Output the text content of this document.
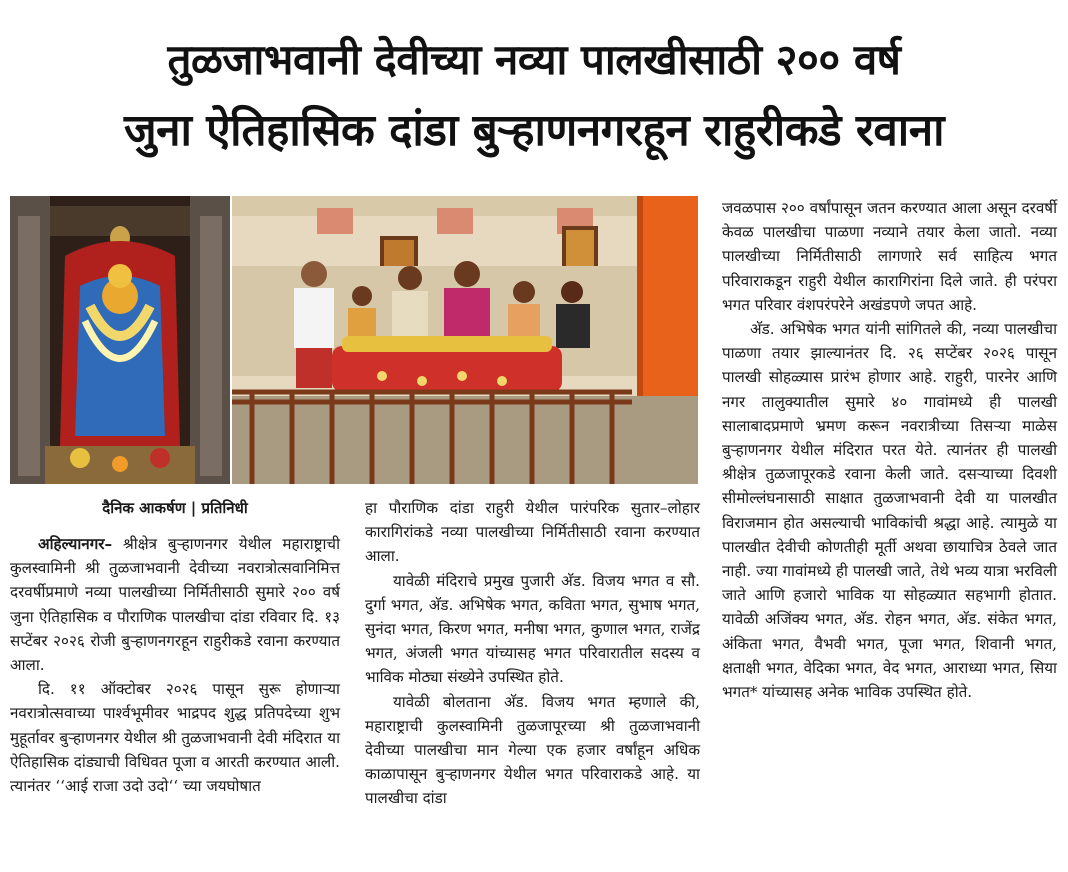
तुळजाभवानी देवीच्या नव्या पालखीसाठी २०० वर्ष
जुना ऐतिहासिक दांडा बुऱ्हाणनगरहून राहुरीकडे रवाना
दैनिक आकर्षण | प्रतिनिधी

अहिल्यानगर– श्रीक्षेत्र बुऱ्हाणनगर येथील महाराष्ट्राची कुलस्वामिनी श्री तुळजाभवानी देवीच्या नवरात्रोत्सवानिमित्त दरवर्षीप्रमाणे नव्या पालखीच्या निर्मितीसाठी सुमारे २०० वर्ष जुना ऐतिहासिक व पौराणिक पालखीचा दांडा रविवार दि. १३ सप्टेंबर २०२६ रोजी बुऱ्हाणनगरहून राहुरीकडे रवाना करण्यात आला.

दि. ११ ऑक्टोबर २०२६ पासून सुरू होणाऱ्या नवरात्रोत्सवाच्या पार्श्वभूमीवर भाद्रपद शुद्ध प्रतिपदेच्या शुभ मुहूर्तावर बुऱ्हाणनगर येथील श्री तुळजाभवानी देवी मंदिरात या ऐतिहासिक दांड्याची विधिवत पूजा व आरती करण्यात आली. त्यानंतर ‘‘आई राजा उदो उदो‘‘ च्या जयघोषात

हा पौराणिक दांडा राहुरी येथील पारंपरिक सुतार–लोहार कारागिरांकडे नव्या पालखीच्या निर्मितीसाठी रवाना करण्यात आला.

यावेळी मंदिराचे प्रमुख पुजारी अ‍ॅड. विजय भगत व सौ. दुर्गा भगत, अ‍ॅड. अभिषेक भगत, कविता भगत, सुभाष भगत, सुनंदा भगत, किरण भगत, मनीषा भगत, कुणाल भगत, राजेंद्र भगत, अंजली भगत यांच्यासह भगत परिवारातील सदस्य व भाविक मोठ्या संख्येने उपस्थित होते.

यावेळी बोलताना अ‍ॅड. विजय भगत म्हणाले की, महाराष्ट्राची कुलस्वामिनी तुळजापूरच्या श्री तुळजाभवानी देवीच्या पालखीचा मान गेल्या एक हजार वर्षांहून अधिक काळापासून बुऱ्हाणनगर येथील भगत परिवाराकडे आहे. या पालखीचा दांडा

जवळपास २०० वर्षांपासून जतन करण्यात आला असून दरवर्षी केवळ पालखीचा पाळणा नव्याने तयार केला जातो. नव्या पालखीच्या निर्मितीसाठी लागणारे सर्व साहित्य भगत परिवाराकडून राहुरी येथील कारागिरांना दिले जाते. ही परंपरा भगत परिवार वंशपरंपरेने अखंडपणे जपत आहे.

अ‍ॅड. अभिषेक भगत यांनी सांगितले की, नव्या पालखीचा पाळणा तयार झाल्यानंतर दि. २६ सप्टेंबर २०२६ पासून पालखी सोहळ्यास प्रारंभ होणार आहे. राहुरी, पारनेर आणि नगर तालुक्यातील सुमारे ४० गावांमध्ये ही पालखी सालाबादप्रमाणे भ्रमण करून नवरात्रीच्या तिसऱ्या माळेस बुऱ्हाणनगर येथील मंदिरात परत येते. त्यानंतर ही पालखी श्रीक्षेत्र तुळजापूरकडे रवाना केली जाते. दसऱ्याच्या दिवशी सीमोल्लंघनासाठी साक्षात तुळजाभवानी देवी या पालखीत विराजमान होत असल्याची भाविकांची श्रद्धा आहे. त्यामुळे या पालखीत देवीची कोणतीही मूर्ती अथवा छायाचित्र ठेवले जात नाही. ज्या गावांमध्ये ही पालखी जाते, तेथे भव्य यात्रा भरविली जाते आणि हजारो भाविक या सोहळ्यात सहभागी होतात. यावेळी अजिंक्य भगत, अ‍ॅड. रोहन भगत, अ‍ॅड. संकेत भगत, अंकिता भगत, वैभवी भगत, पूजा भगत, शिवानी भगत, क्षताक्षी भगत, वेदिका भगत, वेद भगत, आराध्या भगत, सिया भगत* यांच्यासह अनेक भाविक उपस्थित होते.
